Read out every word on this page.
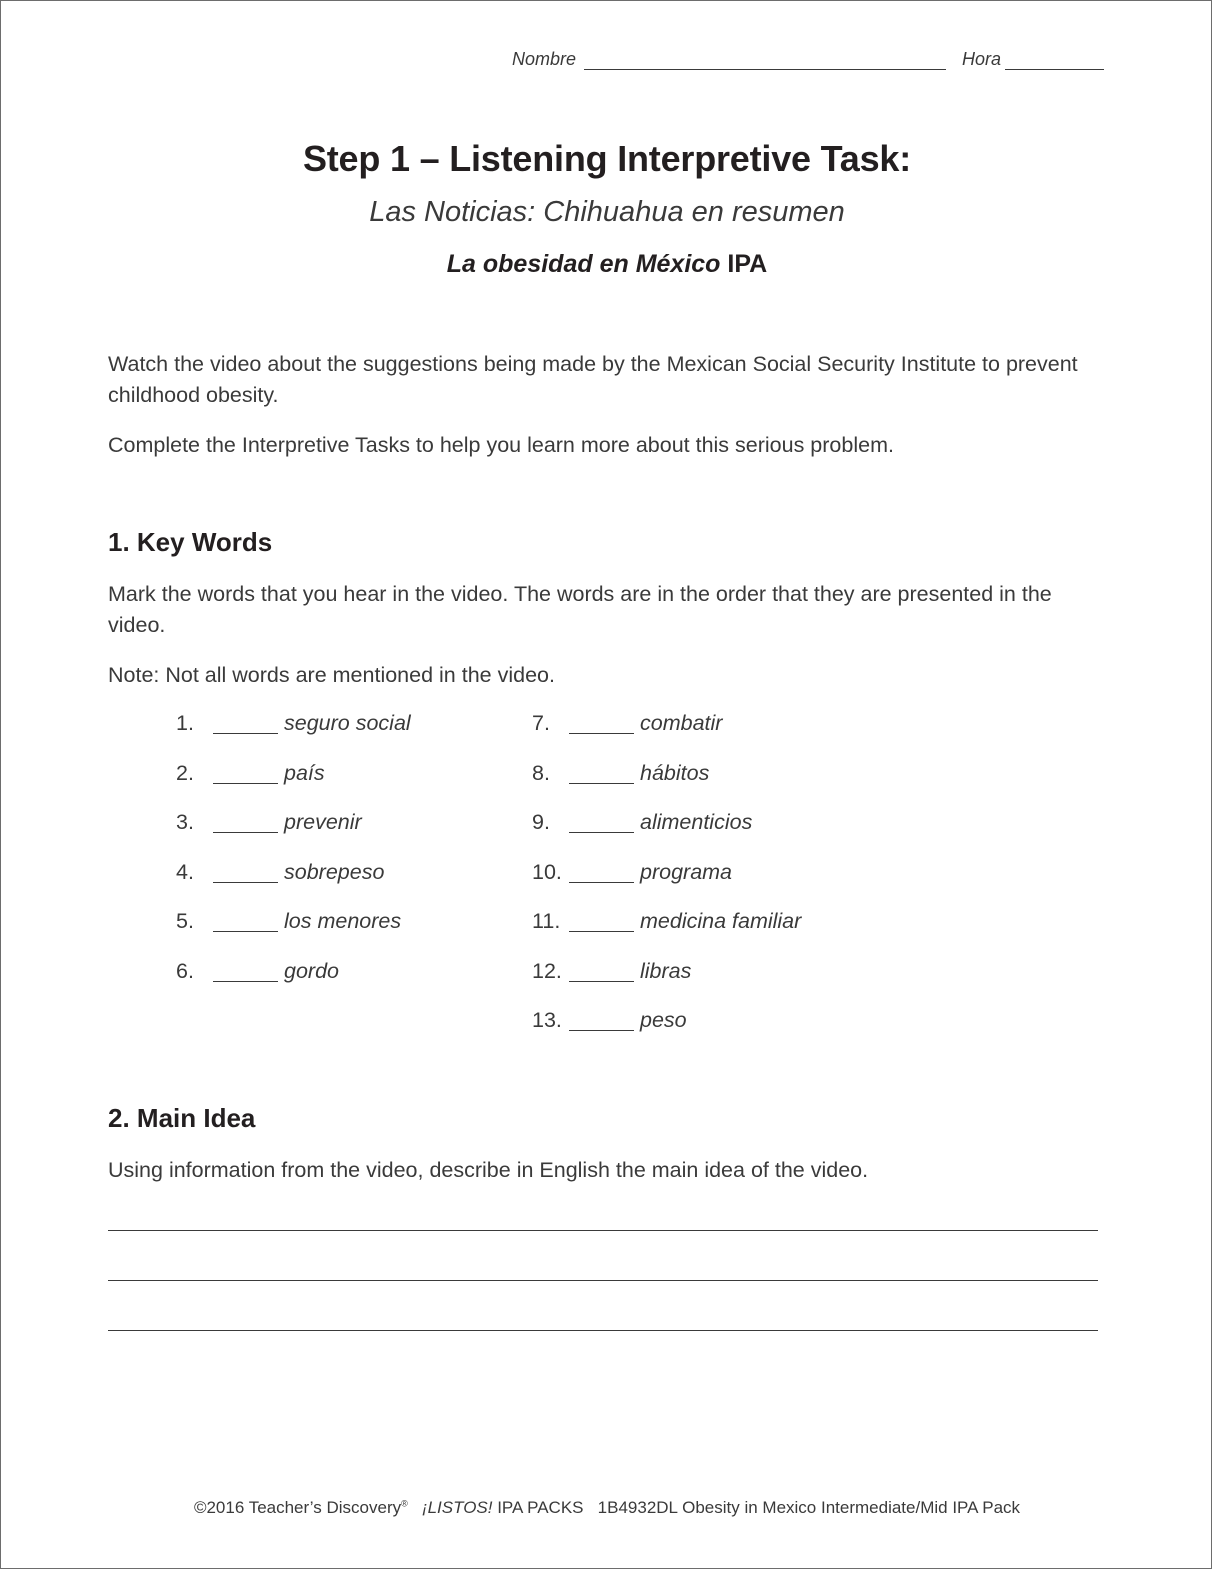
Nombre	Hora
Step 1 – Listening Interpretive Task:
Las Noticias: Chihuahua en resumen
La obesidad en México IPA
Watch the video about the suggestions being made by the Mexican Social Security Institute to prevent childhood obesity.
Complete the Interpretive Tasks to help you learn more about this serious problem.
1. Key Words
Mark the words that you hear in the video. The words are in the order that they are presented in the video.
Note: Not all words are mentioned in the video.
1.	seguro social
2.	país
3.	prevenir
4.	sobrepeso
5.	los menores
6.	gordo
7.	combatir
8.	hábitos
9.	alimenticios
10.	programa
11.	medicina familiar
12.	libras
13.	peso
2. Main Idea
Using information from the video, describe in English the main idea of the video.
©2016 Teacher’s Discovery® ¡LISTOS! IPA PACKS   1B4932DL Obesity in Mexico Intermediate/Mid IPA Pack
